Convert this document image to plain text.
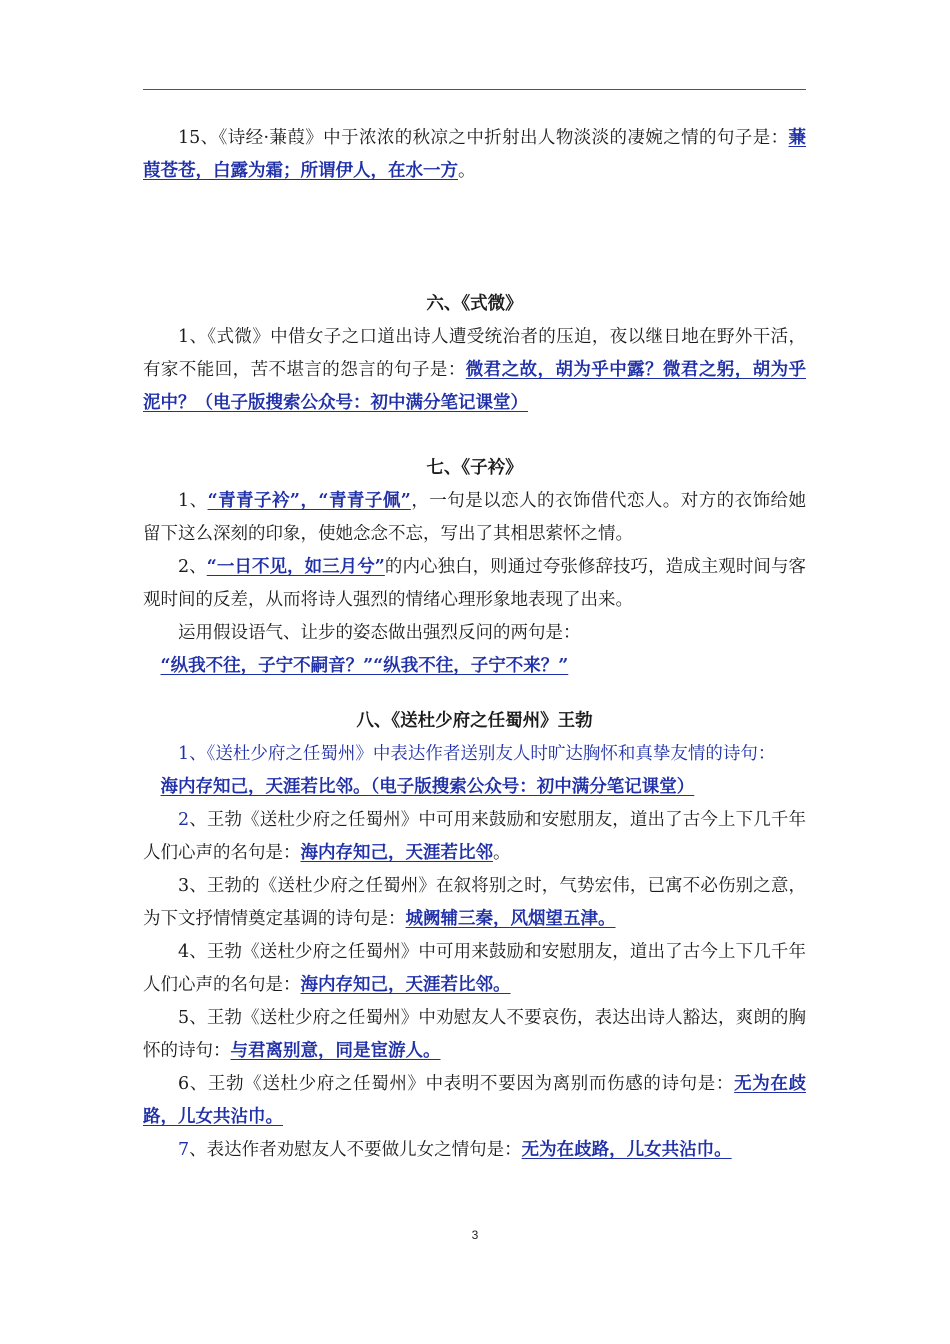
15、《诗经·蒹葭》中于浓浓的秋凉之中折射出人物淡淡的凄婉之情的句子是：蒹葭苍苍，白露为霜；所谓伊人，在水一方。

六、《式微》

1、《式微》中借女子之口道出诗人遭受统治者的压迫，夜以继日地在野外干活，有家不能回，苦不堪言的怨言的句子是：微君之故，胡为乎中露？微君之躬，胡为乎泥中？（电子版搜索公众号：初中满分笔记课堂）

七、《子衿》

1、“青青子衿”，“青青子佩”，一句是以恋人的衣饰借代恋人。对方的衣饰给她留下这么深刻的印象，使她念念不忘，写出了其相思萦怀之情。

2、“一日不见，如三月兮”的内心独白，则通过夸张修辞技巧，造成主观时间与客观时间的反差，从而将诗人强烈的情绪心理形象地表现了出来。

运用假设语气、让步的姿态做出强烈反问的两句是：

“纵我不往，子宁不嗣音？”“纵我不往，子宁不来？”

八、《送杜少府之任蜀州》王勃

1、《送杜少府之任蜀州》中表达作者送别友人时旷达胸怀和真挚友情的诗句：

海内存知己，天涯若比邻。（电子版搜索公众号：初中满分笔记课堂）

2、王勃《送杜少府之任蜀州》中可用来鼓励和安慰朋友，道出了古今上下几千年人们心声的名句是：海内存知己，天涯若比邻。

3、王勃的《送杜少府之任蜀州》在叙将别之时，气势宏伟，已寓不必伤别之意，为下文抒情情奠定基调的诗句是：城阙辅三秦，风烟望五津。

4、王勃《送杜少府之任蜀州》中可用来鼓励和安慰朋友，道出了古今上下几千年人们心声的名句是：海内存知己，天涯若比邻。

5、王勃《送杜少府之任蜀州》中劝慰友人不要哀伤，表达出诗人豁达，爽朗的胸怀的诗句：与君离别意，同是宦游人。

6、王勃《送杜少府之任蜀州》中表明不要因为离别而伤感的诗句是：无为在歧路，儿女共沾巾。

7、表达作者劝慰友人不要做儿女之情句是：无为在歧路，儿女共沾巾。

3
